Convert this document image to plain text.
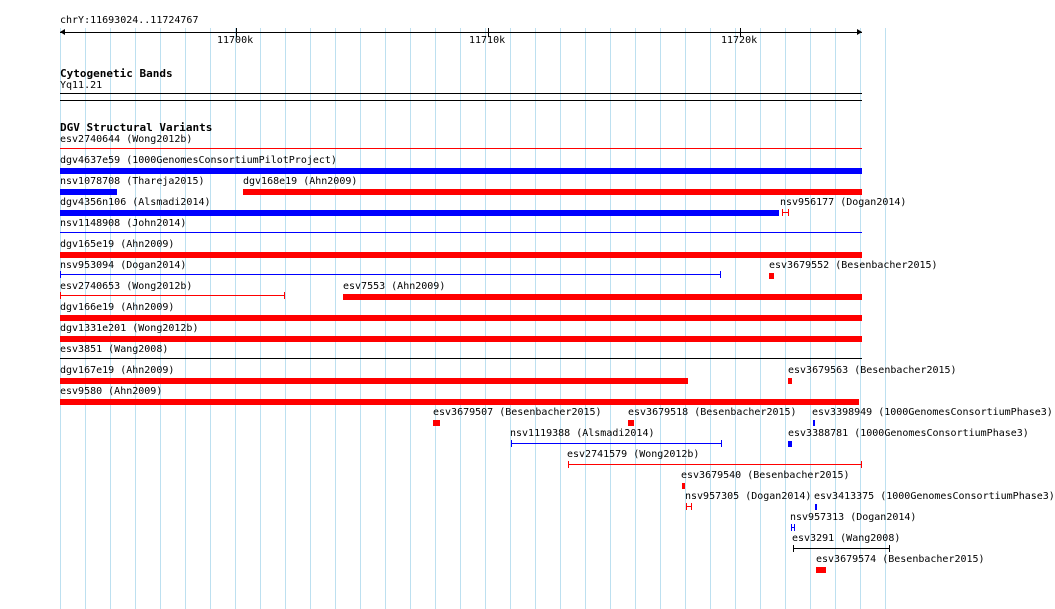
chrY:11693024..11724767
11700k	11710k	11720k
Cytogenetic Bands
Yq11.21
DGV Structural Variants
esv2740644 (Wong2012b)
dgv4637e59 (1000GenomesConsortiumPilotProject)
nsv1078708 (Thareja2015)	dgv168e19 (Ahn2009)
dgv4356n106 (Alsmadi2014)	nsv956177 (Dogan2014)
nsv1148908 (John2014)
dgv165e19 (Ahn2009)
nsv953094 (Dogan2014)	esv3679552 (Besenbacher2015)
esv2740653 (Wong2012b)	esv7553 (Ahn2009)
dgv166e19 (Ahn2009)
dgv1331e201 (Wong2012b)
esv3851 (Wang2008)
dgv167e19 (Ahn2009)	esv3679563 (Besenbacher2015)
esv9580 (Ahn2009)
esv3679507 (Besenbacher2015)	esv3679518 (Besenbacher2015) esv3398949 (1000GenomesConsortiumPhase3)
nsv1119388 (Alsmadi2014)	esv3388781 (1000GenomesConsortiumPhase3)
esv2741579 (Wong2012b)
esv3679540 (Besenbacher2015)
nsv957305 (Dogan2014) esv3413375 (1000GenomesConsortiumPhase3)
nsv957313 (Dogan2014)
esv3291 (Wang2008)
esv3679574 (Besenbacher2015)
